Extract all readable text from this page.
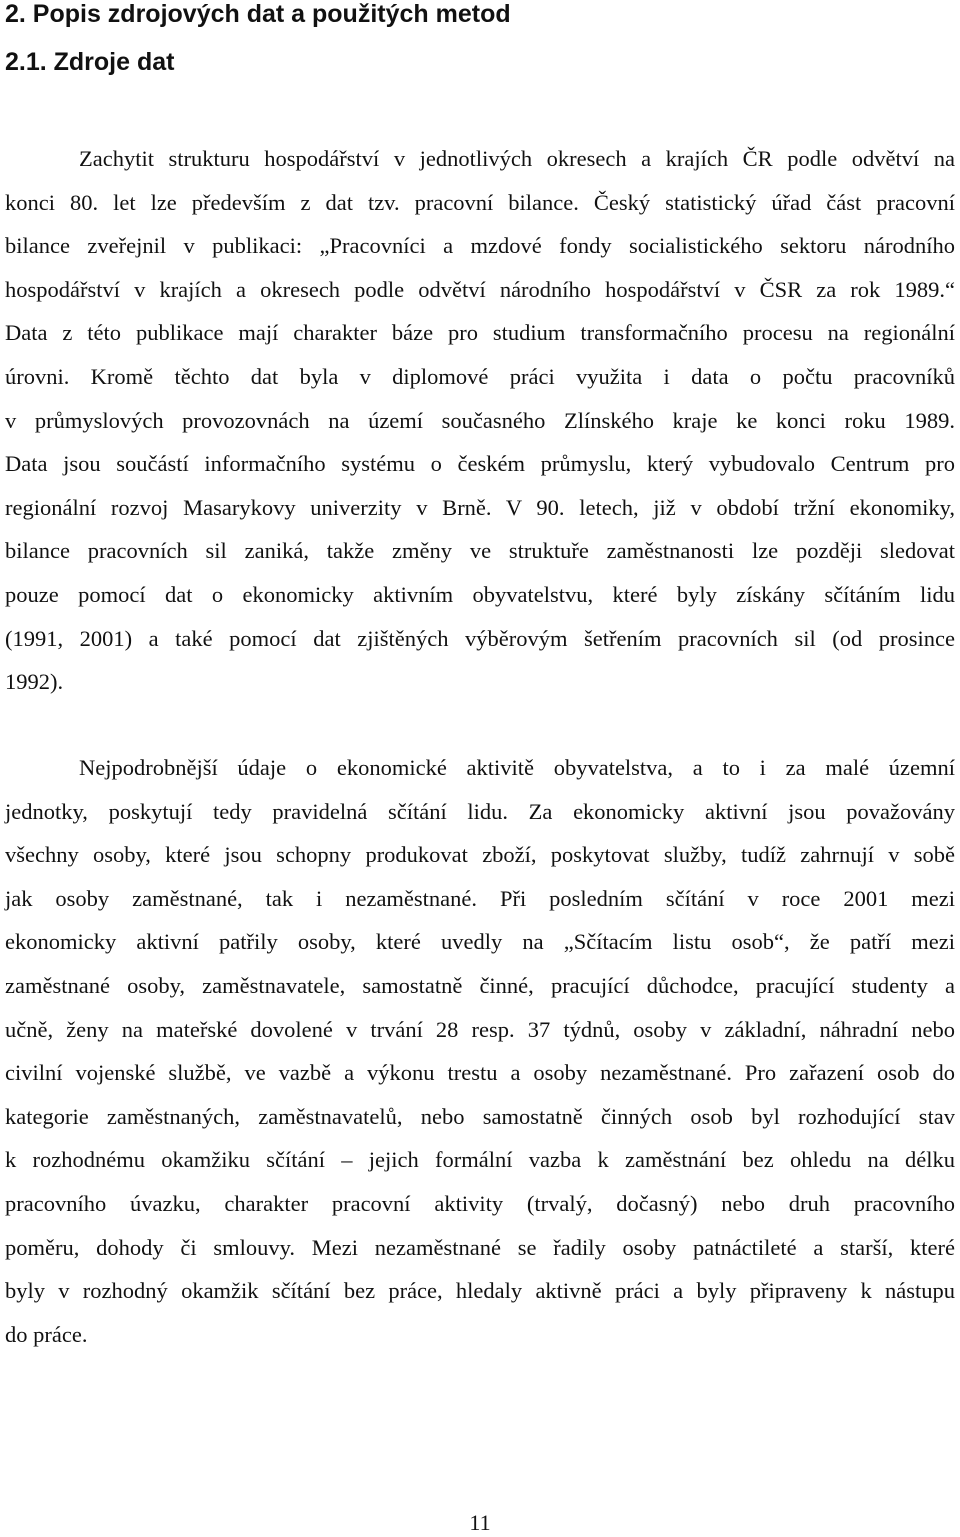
2. Popis zdrojových dat a použitých metod
2.1. Zdroje dat
Zachytit strukturu hospodářství v jednotlivých okresech a krajích ČR podle odvětví na
konci 80. let lze především z dat tzv. pracovní bilance. Český statistický úřad část pracovní
bilance zveřejnil v publikaci: „Pracovníci a mzdové fondy socialistického sektoru národního
hospodářství v krajích a okresech podle odvětví národního hospodářství v ČSR za rok 1989.“
Data z této publikace mají charakter báze pro studium transformačního procesu na regionální
úrovni. Kromě těchto dat byla v diplomové práci využita i data o počtu pracovníků
v průmyslových provozovnách na území současného Zlínského kraje ke konci roku 1989.
Data jsou součástí informačního systému o českém průmyslu, který vybudovalo Centrum pro
regionální rozvoj Masarykovy univerzity v Brně. V 90. letech, již v období tržní ekonomiky,
bilance pracovních sil zaniká, takže změny ve struktuře zaměstnanosti lze později sledovat
pouze pomocí dat o ekonomicky aktivním obyvatelstvu, které byly získány sčítáním lidu
(1991, 2001) a také pomocí dat zjištěných výběrovým šetřením pracovních sil (od prosince
1992).
Nejpodrobnější údaje o ekonomické aktivitě obyvatelstva, a to i za malé územní
jednotky, poskytují tedy pravidelná sčítání lidu. Za ekonomicky aktivní jsou považovány
všechny osoby, které jsou schopny produkovat zboží, poskytovat služby, tudíž zahrnují v sobě
jak osoby zaměstnané, tak i nezaměstnané. Při posledním sčítání v roce 2001 mezi
ekonomicky aktivní patřily osoby, které uvedly na „Sčítacím listu osob“, že patří mezi
zaměstnané osoby, zaměstnavatele, samostatně činné, pracující důchodce, pracující studenty a
učně, ženy na mateřské dovolené v trvání 28 resp. 37 týdnů, osoby v základní, náhradní nebo
civilní vojenské službě, ve vazbě a výkonu trestu a osoby nezaměstnané. Pro zařazení osob do
kategorie zaměstnaných, zaměstnavatelů, nebo samostatně činných osob byl rozhodující stav
k rozhodnému okamžiku sčítání – jejich formální vazba k zaměstnání bez ohledu na délku
pracovního úvazku, charakter pracovní aktivity (trvalý, dočasný) nebo druh pracovního
poměru, dohody či smlouvy. Mezi nezaměstnané se řadily osoby patnáctileté a starší, které
byly v rozhodný okamžik sčítání bez práce, hledaly aktivně práci a byly připraveny k nástupu
do práce.
11
